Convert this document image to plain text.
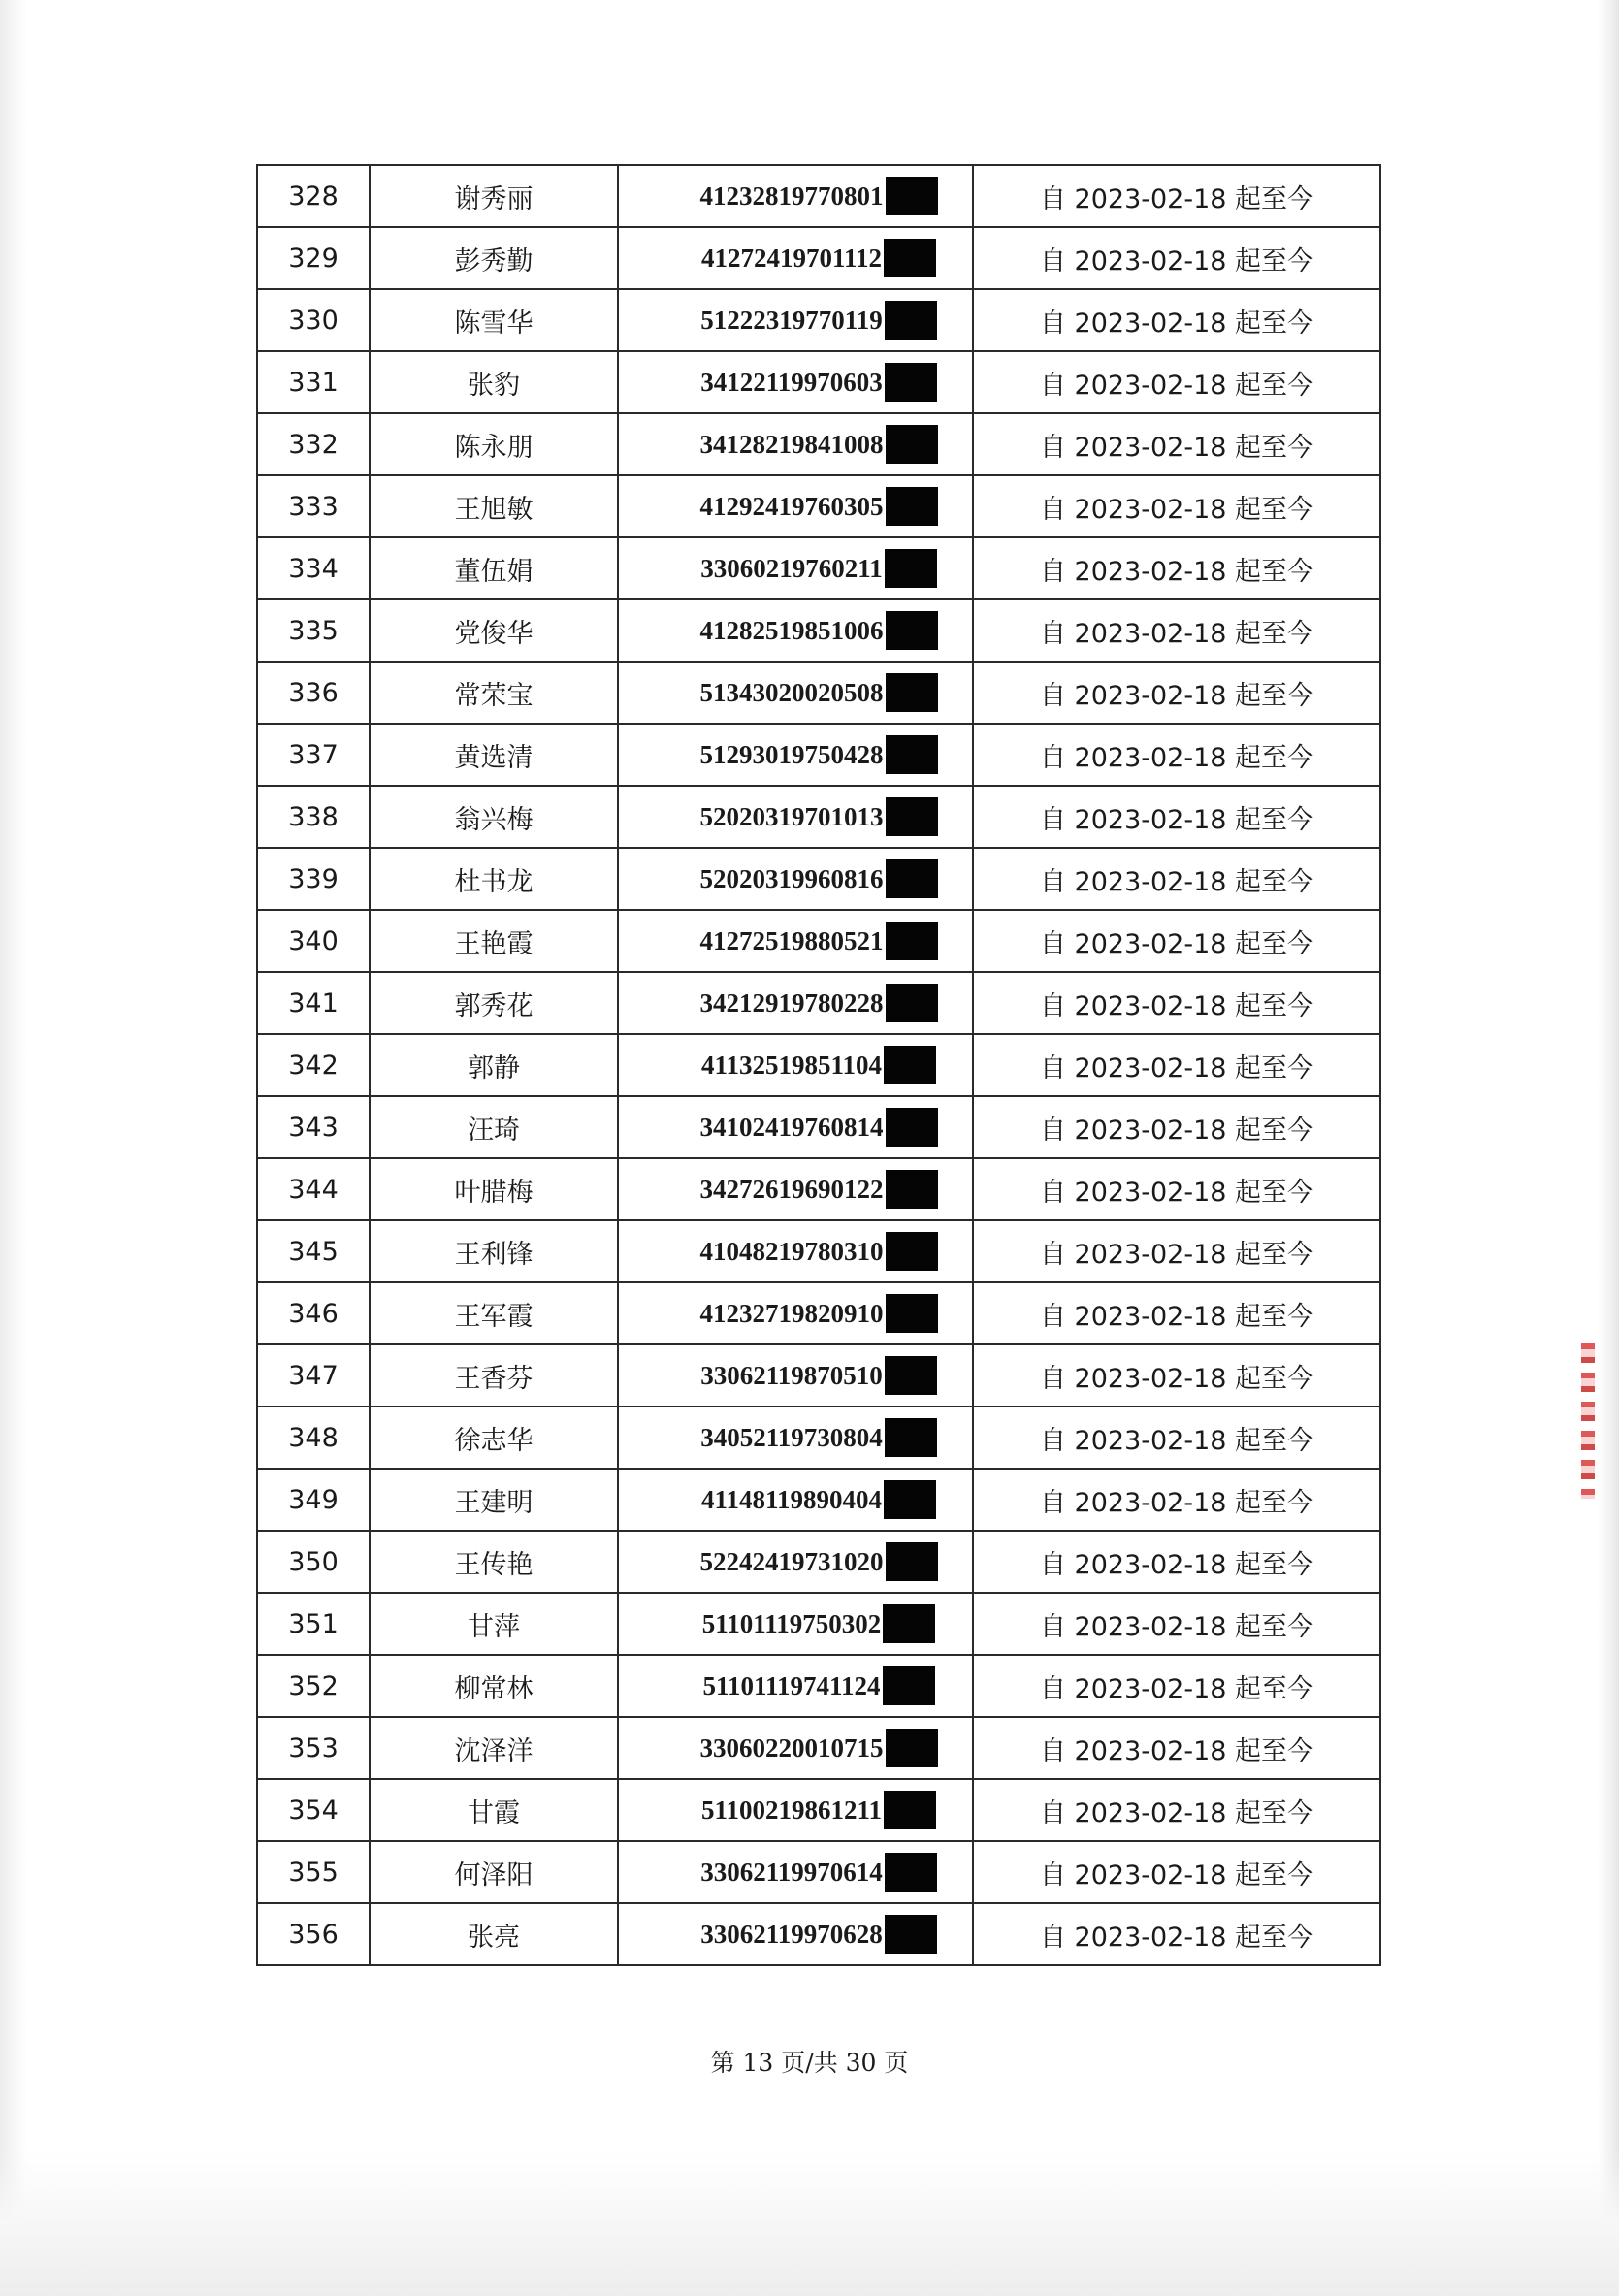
328	谢秀丽	41232819770801	自 2023-02-18 起至今
329	彭秀勤	41272419701112	自 2023-02-18 起至今
330	陈雪华	51222319770119	自 2023-02-18 起至今
331	张豹	34122119970603	自 2023-02-18 起至今
332	陈永朋	34128219841008	自 2023-02-18 起至今
333	王旭敏	41292419760305	自 2023-02-18 起至今
334	董伍娟	33060219760211	自 2023-02-18 起至今
335	党俊华	41282519851006	自 2023-02-18 起至今
336	常荣宝	51343020020508	自 2023-02-18 起至今
337	黄选清	51293019750428	自 2023-02-18 起至今
338	翁兴梅	52020319701013	自 2023-02-18 起至今
339	杜书龙	52020319960816	自 2023-02-18 起至今
340	王艳霞	41272519880521	自 2023-02-18 起至今
341	郭秀花	34212919780228	自 2023-02-18 起至今
342	郭静	41132519851104	自 2023-02-18 起至今
343	汪琦	34102419760814	自 2023-02-18 起至今
344	叶腊梅	34272619690122	自 2023-02-18 起至今
345	王利锋	41048219780310	自 2023-02-18 起至今
346	王军霞	41232719820910	自 2023-02-18 起至今
347	王香芬	33062119870510	自 2023-02-18 起至今
348	徐志华	34052119730804	自 2023-02-18 起至今
349	王建明	41148119890404	自 2023-02-18 起至今
350	王传艳	52242419731020	自 2023-02-18 起至今
351	甘萍	51101119750302	自 2023-02-18 起至今
352	柳常林	51101119741124	自 2023-02-18 起至今
353	沈泽洋	33060220010715	自 2023-02-18 起至今
354	甘霞	51100219861211	自 2023-02-18 起至今
355	何泽阳	33062119970614	自 2023-02-18 起至今
356	张亮	33062119970628	自 2023-02-18 起至今
第 13 页/共 30 页
